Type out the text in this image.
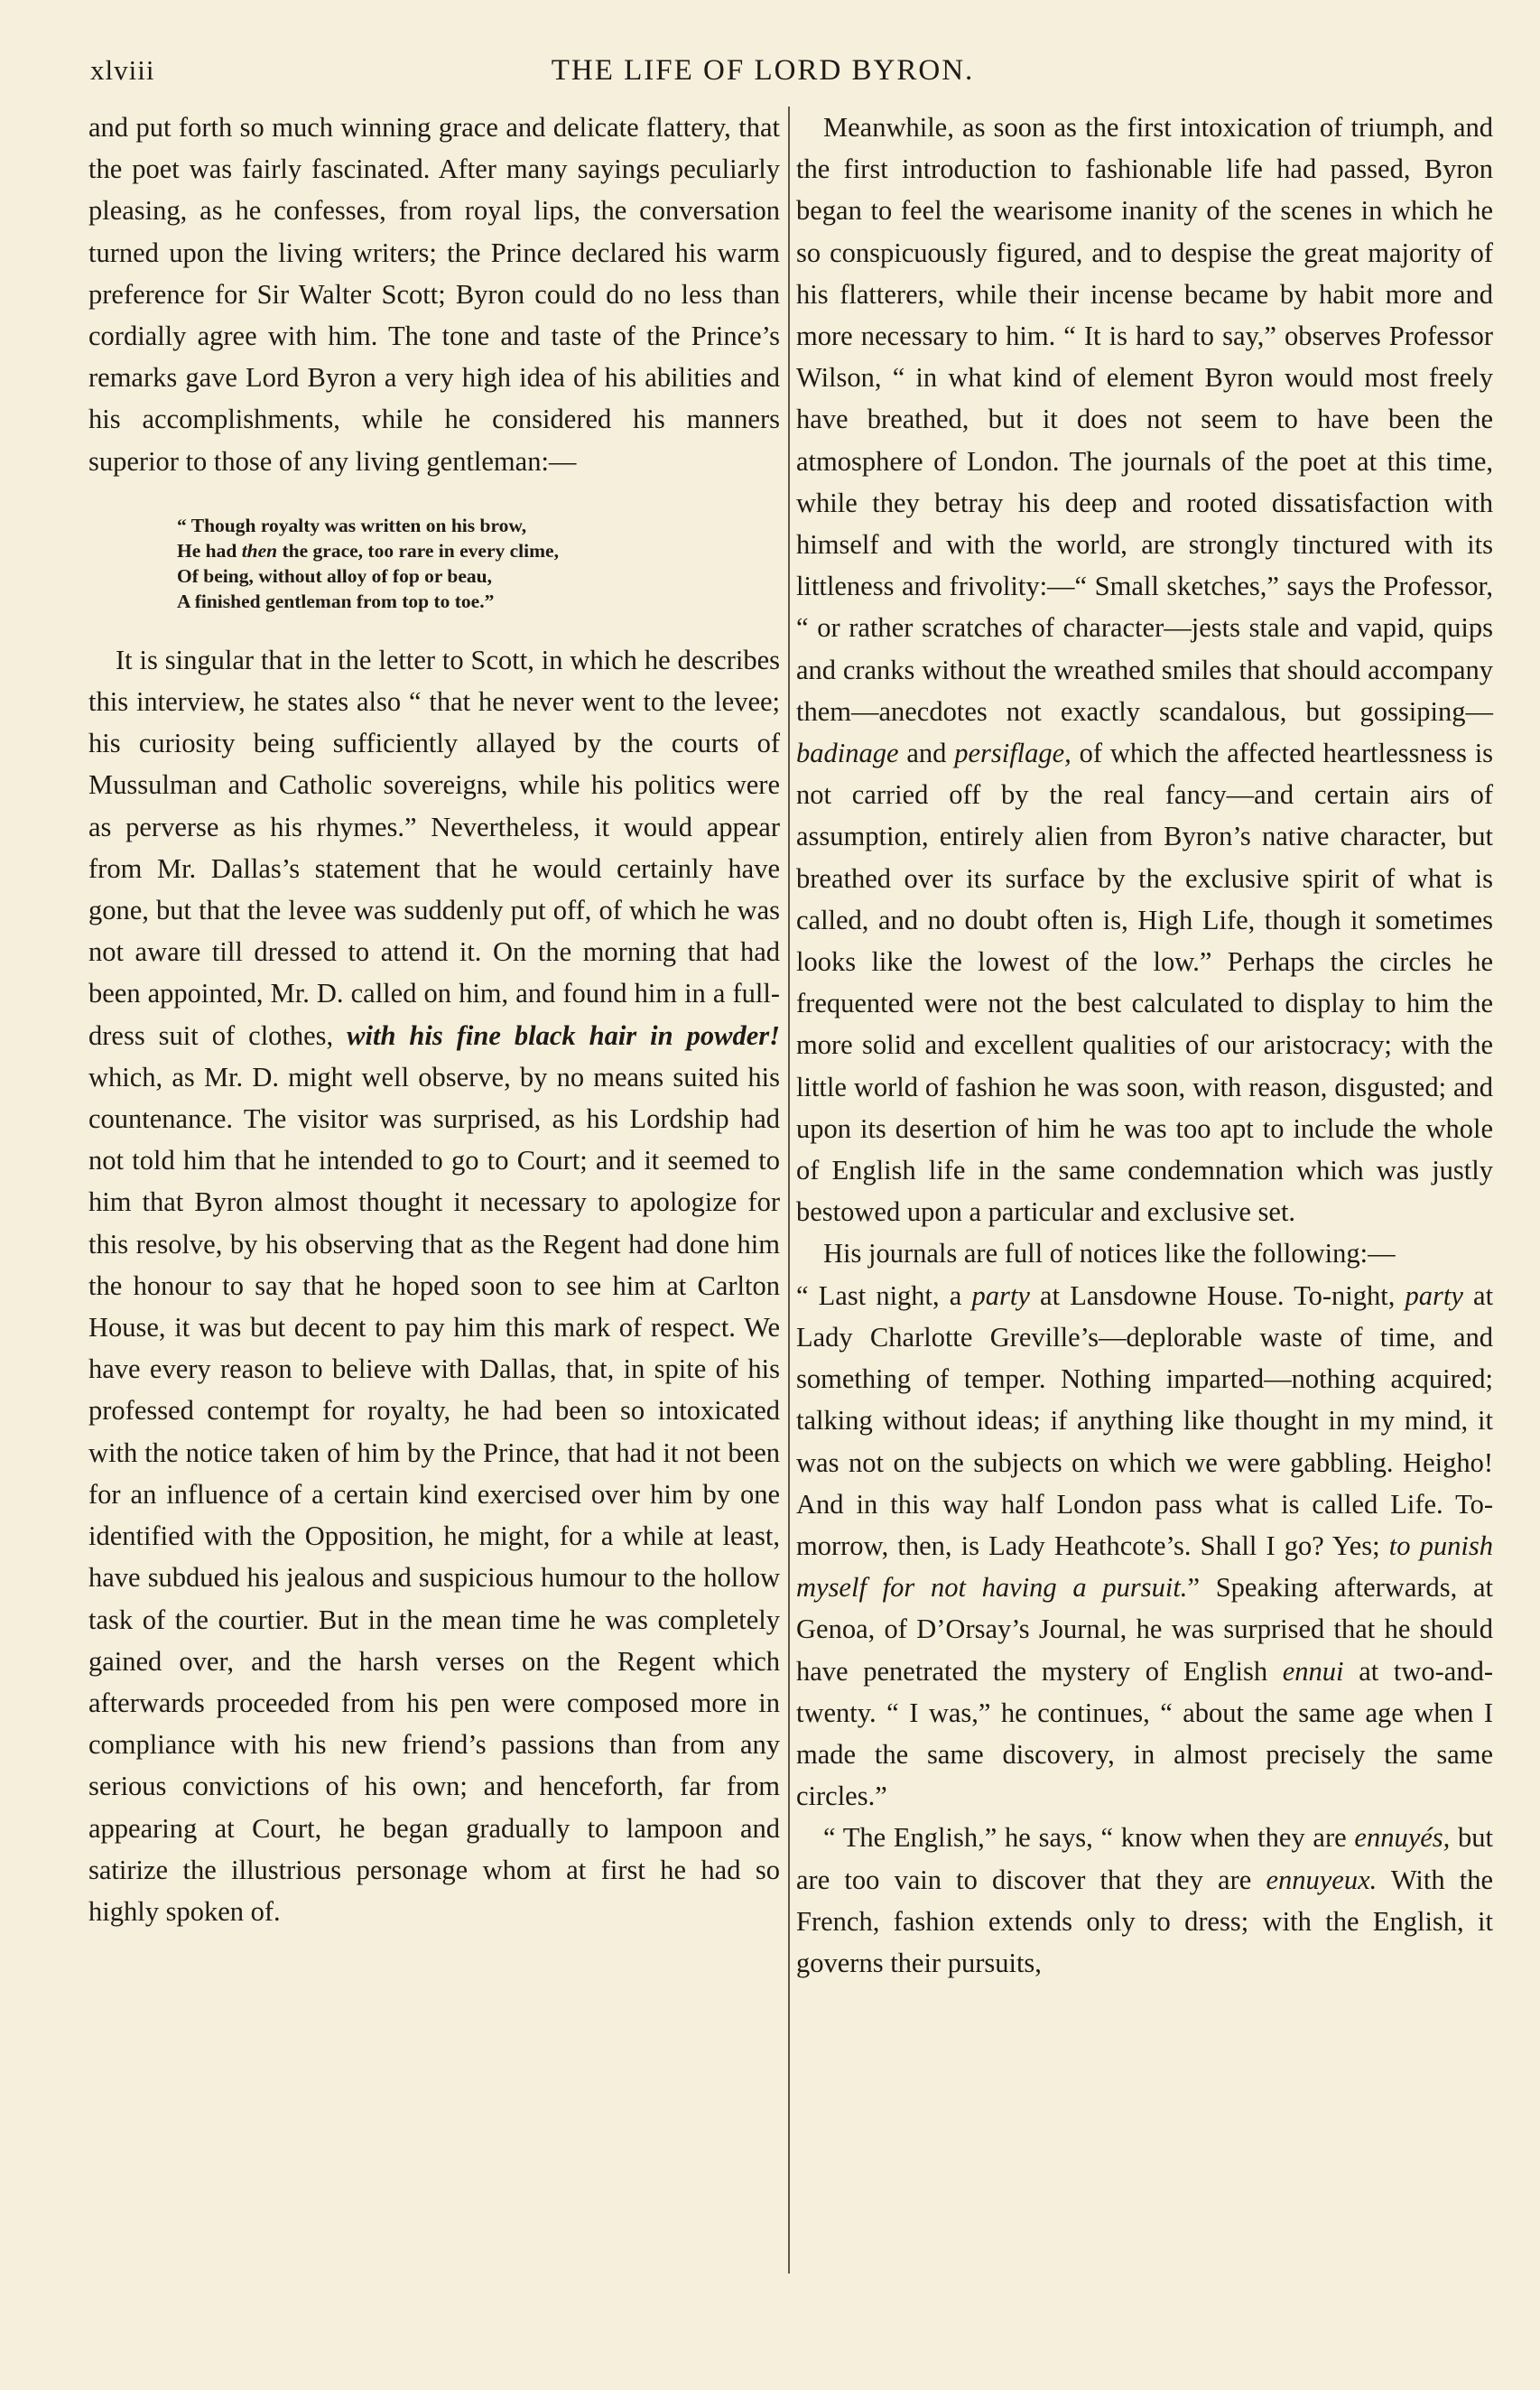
xlviii	THE LIFE OF LORD BYRON.

and put forth so much winning grace and delicate flattery, that the poet was fairly fascinated. After many sayings peculiarly pleasing, as he confesses, from royal lips, the conversation turned upon the living writers; the Prince declared his warm preference for Sir Walter Scott; Byron could do no less than cordially agree with him. The tone and taste of the Prince’s remarks gave Lord Byron a very high idea of his abilities and his accomplishments, while he considered his manners superior to those of any living gentleman:—

“ Though royalty was written on his brow,
He had then the grace, too rare in every clime,
Of being, without alloy of fop or beau,
A finished gentleman from top to toe.”

It is singular that in the letter to Scott, in which he describes this interview, he states also “ that he never went to the levee; his curiosity being sufficiently allayed by the courts of Mussulman and Catholic sovereigns, while his politics were as perverse as his rhymes.” Nevertheless, it would appear from Mr. Dallas’s statement that he would certainly have gone, but that the levee was suddenly put off, of which he was not aware till dressed to attend it. On the morning that had been appointed, Mr. D. called on him, and found him in a full-dress suit of clothes, with his fine black hair in powder! which, as Mr. D. might well observe, by no means suited his countenance. The visitor was surprised, as his Lordship had not told him that he intended to go to Court; and it seemed to him that Byron almost thought it necessary to apologize for this resolve, by his observing that as the Regent had done him the honour to say that he hoped soon to see him at Carlton House, it was but decent to pay him this mark of respect. We have every reason to believe with Dallas, that, in spite of his professed contempt for royalty, he had been so intoxicated with the notice taken of him by the Prince, that had it not been for an influence of a certain kind exercised over him by one identified with the Opposition, he might, for a while at least, have subdued his jealous and suspicious humour to the hollow task of the courtier. But in the mean time he was completely gained over, and the harsh verses on the Regent which afterwards proceeded from his pen were composed more in compliance with his new friend’s passions than from any serious convictions of his own; and henceforth, far from appearing at Court, he began gradually to lampoon and satirize the illustrious personage whom at first he had so highly spoken of.

Meanwhile, as soon as the first intoxication of triumph, and the first introduction to fashionable life had passed, Byron began to feel the wearisome inanity of the scenes in which he so conspicuously figured, and to despise the great majority of his flatterers, while their incense became by habit more and more necessary to him. “ It is hard to say,” observes Professor Wilson, “ in what kind of element Byron would most freely have breathed, but it does not seem to have been the atmosphere of London. The journals of the poet at this time, while they betray his deep and rooted dissatisfaction with himself and with the world, are strongly tinctured with its littleness and frivolity:—“ Small sketches,” says the Professor, “ or rather scratches of character—jests stale and vapid, quips and cranks without the wreathed smiles that should accompany them—anecdotes not exactly scandalous, but gossiping—badinage and persiflage, of which the affected heartlessness is not carried off by the real fancy—and certain airs of assumption, entirely alien from Byron’s native character, but breathed over its surface by the exclusive spirit of what is called, and no doubt often is, High Life, though it sometimes looks like the lowest of the low.” Perhaps the circles he frequented were not the best calculated to display to him the more solid and excellent qualities of our aristocracy; with the little world of fashion he was soon, with reason, disgusted; and upon its desertion of him he was too apt to include the whole of English life in the same condemnation which was justly bestowed upon a particular and exclusive set.

His journals are full of notices like the following:—
“ Last night, a party at Lansdowne House. To-night, party at Lady Charlotte Greville’s—deplorable waste of time, and something of temper. Nothing imparted—nothing acquired; talking without ideas; if anything like thought in my mind, it was not on the subjects on which we were gabbling. Heigho! And in this way half London pass what is called Life. To-morrow, then, is Lady Heathcote’s. Shall I go? Yes; to punish myself for not having a pursuit.” Speaking afterwards, at Genoa, of D’Orsay’s Journal, he was surprised that he should have penetrated the mystery of English ennui at two-and-twenty. “ I was,” he continues, “ about the same age when I made the same discovery, in almost precisely the same circles.”

“ The English,” he says, “ know when they are ennuyés, but are too vain to discover that they are ennuyeux. With the French, fashion extends only to dress; with the English, it governs their pursuits,
